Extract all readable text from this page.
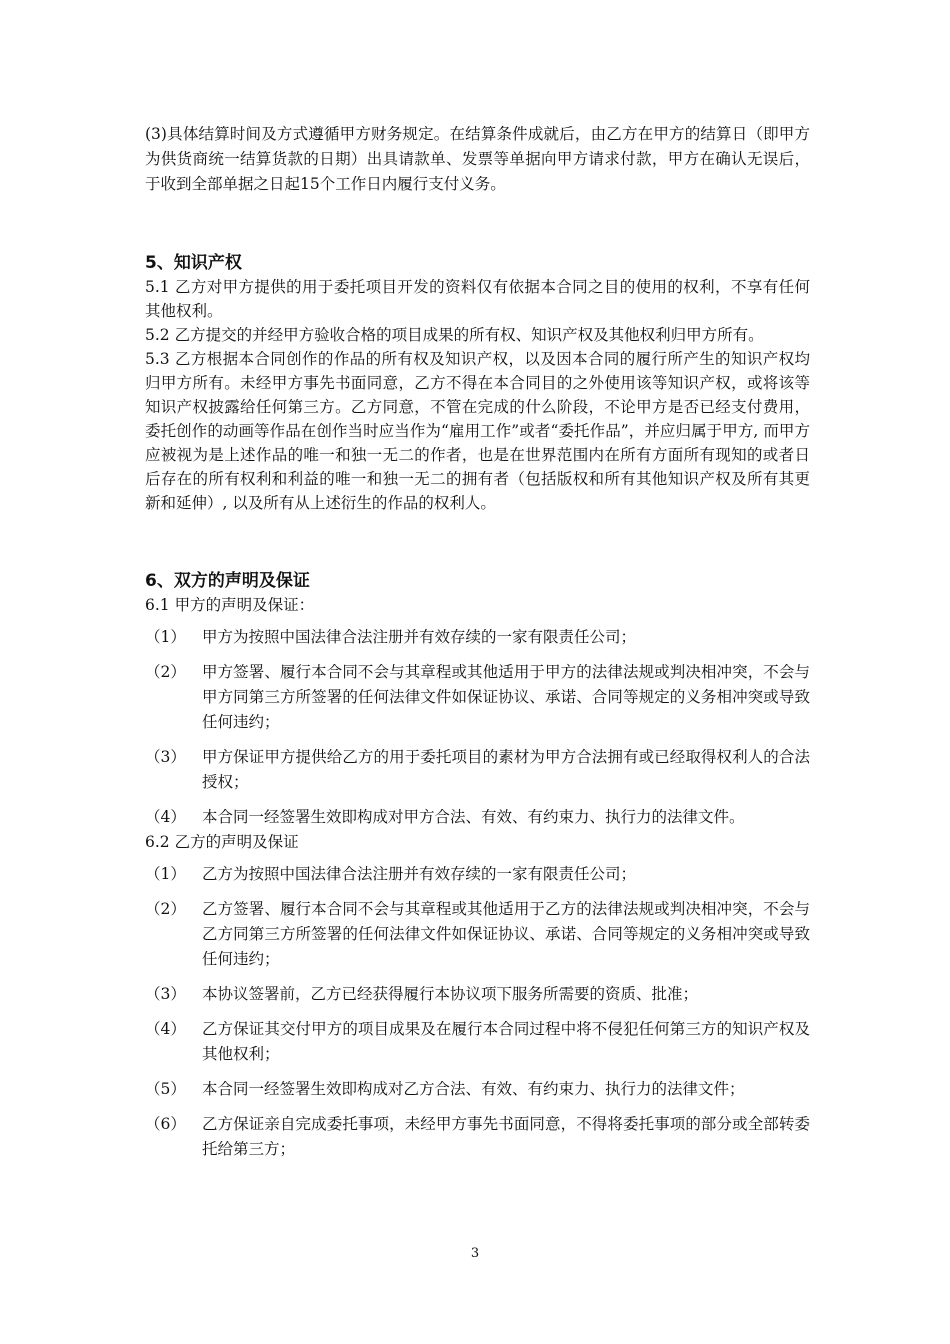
(3)具体结算时间及方式遵循甲方财务规定。在结算条件成就后，由乙方在甲方的结算日（即甲方为供货商统一结算货款的日期）出具请款单、发票等单据向甲方请求付款，甲方在确认无误后，于收到全部单据之日起15个工作日内履行支付义务。

5、知识产权

5.1 乙方对甲方提供的用于委托项目开发的资料仅有依据本合同之目的使用的权利，不享有任何其他权利。

5.2 乙方提交的并经甲方验收合格的项目成果的所有权、知识产权及其他权利归甲方所有。

5.3 乙方根据本合同创作的作品的所有权及知识产权，以及因本合同的履行所产生的知识产权均归甲方所有。未经甲方事先书面同意，乙方不得在本合同目的之外使用该等知识产权，或将该等知识产权披露给任何第三方。乙方同意，不管在完成的什么阶段，不论甲方是否已经支付费用，委托创作的动画等作品在创作当时应当作为“雇用工作”或者“委托作品”，并应归属于甲方, 而甲方应被视为是上述作品的唯一和独一无二的作者，也是在世界范围内在所有方面所有现知的或者日后存在的所有权利和利益的唯一和独一无二的拥有者（包括版权和所有其他知识产权及所有其更新和延伸）, 以及所有从上述衍生的作品的权利人。

6、双方的声明及保证

6.1 甲方的声明及保证：

（1）	甲方为按照中国法律合法注册并有效存续的一家有限责任公司；
（2）	甲方签署、履行本合同不会与其章程或其他适用于甲方的法律法规或判决相冲突，不会与甲方同第三方所签署的任何法律文件如保证协议、承诺、合同等规定的义务相冲突或导致任何违约；
（3）	甲方保证甲方提供给乙方的用于委托项目的素材为甲方合法拥有或已经取得权利人的合法授权；
（4）	本合同一经签署生效即构成对甲方合法、有效、有约束力、执行力的法律文件。

6.2 乙方的声明及保证

（1）	乙方为按照中国法律合法注册并有效存续的一家有限责任公司；
（2）	乙方签署、履行本合同不会与其章程或其他适用于乙方的法律法规或判决相冲突，不会与乙方同第三方所签署的任何法律文件如保证协议、承诺、合同等规定的义务相冲突或导致任何违约；
（3）	本协议签署前，乙方已经获得履行本协议项下服务所需要的资质、批准；
（4）	乙方保证其交付甲方的项目成果及在履行本合同过程中将不侵犯任何第三方的知识产权及其他权利；
（5）	本合同一经签署生效即构成对乙方合法、有效、有约束力、执行力的法律文件；
（6）	乙方保证亲自完成委托事项，未经甲方事先书面同意，不得将委托事项的部分或全部转委托给第三方；
3
